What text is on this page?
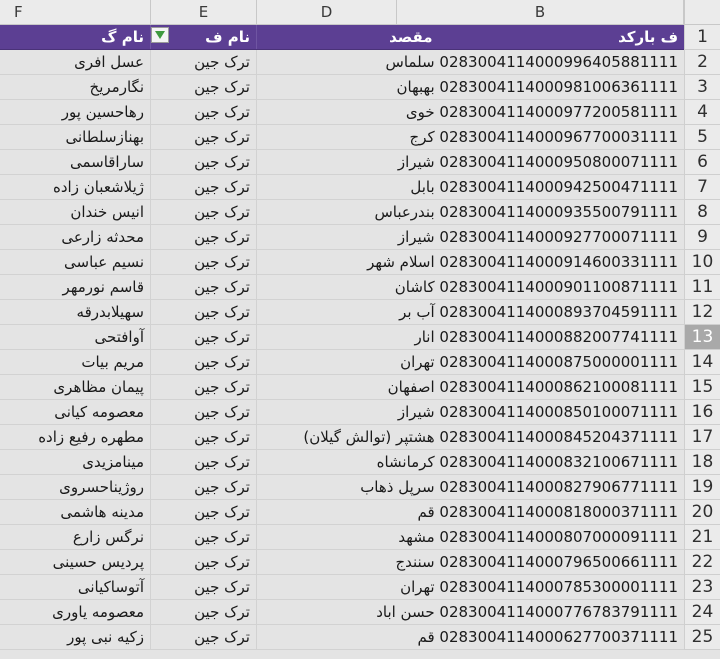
F	E	D	B
نام گ	نام ف	ف بارکد  مقصد
عسل افری	ترک جین	0283004114000996405881111 سلماس
نگارمریخ	ترک جین	0283004114000981006361111 بهبهان
رهاحسین پور	ترک جین	0283004114000977200581111 خوی
بهنازسلطانی	ترک جین	0283004114000967700031111 کرج
ساراقاسمی	ترک جین	0283004114000950800071111 شیراز
ژیلاشعبان زاده	ترک جین	0283004114000942500471111 بابل
انیس خندان	ترک جین	0283004114000935500791111 بندرعباس
محدثه زارعی	ترک جین	0283004114000927700071111 شیراز
نسیم عباسی	ترک جین	0283004114000914600331111 اسلام شهر
قاسم نورمهر	ترک جین	0283004114000901100871111 کاشان
سهیلابدرقه	ترک جین	0283004114000893704591111 آب بر
آوافتحی	ترک جین	0283004114000882007741111 انار
مریم بیات	ترک جین	0283004114000875000001111 تهران
پیمان مظاهری	ترک جین	0283004114000862100081111 اصفهان
معصومه کیانی	ترک جین	0283004114000850100071111 شیراز
مطهره رفیع زاده	ترک جین	0283004114000845204371111 هشتپر (توالش گیلان)
مینامزیدی	ترک جین	0283004114000832100671111 کرمانشاه
روژیناحسروی	ترک جین	0283004114000827906771111 سرپل ذهاب
مدینه هاشمی	ترک جین	0283004114000818000371111 قم
نرگس زارع	ترک جین	0283004114000807000091111 مشهد
پردیس حسینی	ترک جین	0283004114000796500661111 سنندج
آتوساکیانی	ترک جین	0283004114000785300001111 تهران
معصومه یاوری	ترک جین	0283004114000776783791111 حسن اباد
زکیه نبی پور	ترک جین	0283004114000627700371111 قم
1
2
3
4
5
6
7
8
9
10
11
12
13
14
15
16
17
18
19
20
21
22
23
24
25
